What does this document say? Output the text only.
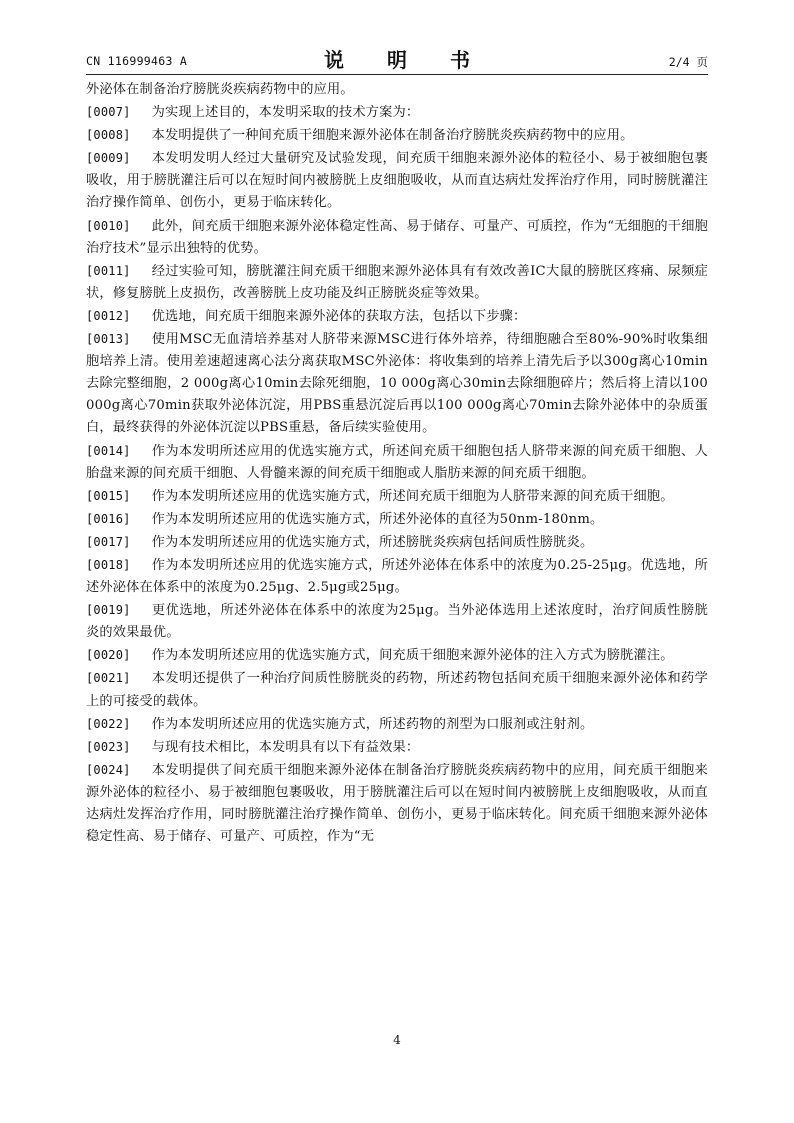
CN 116999463 A	说 明 书	2/4 页

外泌体在制备治疗膀胱炎疾病药物中的应用。

[0007] 为实现上述目的，本发明采取的技术方案为：

[0008] 本发明提供了一种间充质干细胞来源外泌体在制备治疗膀胱炎疾病药物中的应用。

[0009] 本发明发明人经过大量研究及试验发现，间充质干细胞来源外泌体的粒径小、易于被细胞包裹吸收，用于膀胱灌注后可以在短时间内被膀胱上皮细胞吸收，从而直达病灶发挥治疗作用，同时膀胱灌注治疗操作简单、创伤小，更易于临床转化。

[0010] 此外，间充质干细胞来源外泌体稳定性高、易于储存、可量产、可质控，作为“无细胞的干细胞治疗技术”显示出独特的优势。

[0011] 经过实验可知，膀胱灌注间充质干细胞来源外泌体具有有效改善IC大鼠的膀胱区疼痛、尿频症状，修复膀胱上皮损伤，改善膀胱上皮功能及纠正膀胱炎症等效果。

[0012] 优选地，间充质干细胞来源外泌体的获取方法，包括以下步骤：

[0013] 使用MSC无血清培养基对人脐带来源MSC进行体外培养，待细胞融合至80%-90%时收集细胞培养上清。使用差速超速离心法分离获取MSC外泌体：将收集到的培养上清先后予以300g离心10min去除完整细胞，2 000g离心10min去除死细胞，10 000g离心30min去除细胞碎片；然后将上清以100 000g离心70min获取外泌体沉淀，用PBS重悬沉淀后再以100 000g离心70min去除外泌体中的杂质蛋白，最终获得的外泌体沉淀以PBS重悬，备后续实验使用。

[0014] 作为本发明所述应用的优选实施方式，所述间充质干细胞包括人脐带来源的间充质干细胞、人胎盘来源的间充质干细胞、人骨髓来源的间充质干细胞或人脂肪来源的间充质干细胞。

[0015] 作为本发明所述应用的优选实施方式，所述间充质干细胞为人脐带来源的间充质干细胞。

[0016] 作为本发明所述应用的优选实施方式，所述外泌体的直径为50nm-180nm。

[0017] 作为本发明所述应用的优选实施方式，所述膀胱炎疾病包括间质性膀胱炎。

[0018] 作为本发明所述应用的优选实施方式，所述外泌体在体系中的浓度为0.25-25μg。优选地，所述外泌体在体系中的浓度为0.25μg、2.5μg或25μg。

[0019] 更优选地，所述外泌体在体系中的浓度为25μg。当外泌体选用上述浓度时，治疗间质性膀胱炎的效果最优。

[0020] 作为本发明所述应用的优选实施方式，间充质干细胞来源外泌体的注入方式为膀胱灌注。

[0021] 本发明还提供了一种治疗间质性膀胱炎的药物，所述药物包括间充质干细胞来源外泌体和药学上的可接受的载体。

[0022] 作为本发明所述应用的优选实施方式，所述药物的剂型为口服剂或注射剂。

[0023] 与现有技术相比，本发明具有以下有益效果：

[0024] 本发明提供了间充质干细胞来源外泌体在制备治疗膀胱炎疾病药物中的应用，间充质干细胞来源外泌体的粒径小、易于被细胞包裹吸收，用于膀胱灌注后可以在短时间内被膀胱上皮细胞吸收，从而直达病灶发挥治疗作用，同时膀胱灌注治疗操作简单、创伤小，更易于临床转化。间充质干细胞来源外泌体稳定性高、易于储存、可量产、可质控，作为“无

4
